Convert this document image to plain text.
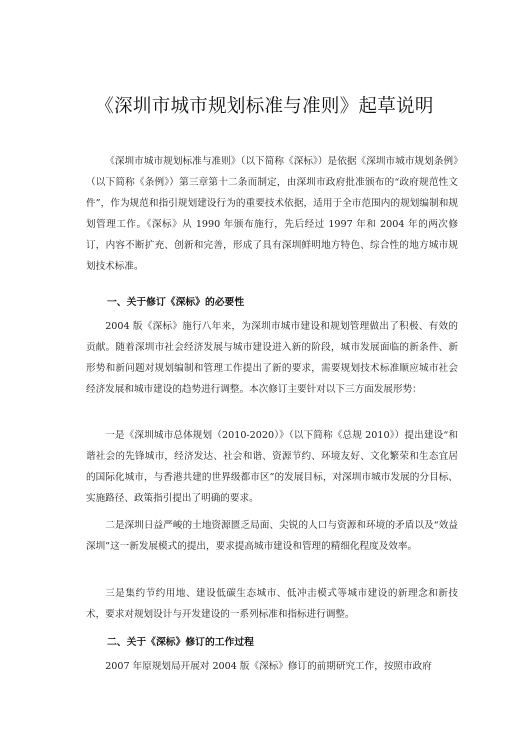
《深圳市城市规划标准与准则》起草说明

《深圳市城市规划标准与准则》（以下简称《深标》）是依据《深圳市城市规划条例》（以下简称《条例》）第三章第十二条而制定，由深圳市政府批准颁布的“政府规范性文件”，作为规范和指引规划建设行为的重要技术依据，适用于全市范围内的规划编制和规划管理工作。《深标》从 1990 年颁布施行，先后经过 1997 年和 2004 年的两次修订，内容不断扩充、创新和完善，形成了具有深圳鲜明地方特色、综合性的地方城市规划技术标准。

一、关于修订《深标》的必要性

2004 版《深标》施行八年来，为深圳市城市建设和规划管理做出了积极、有效的贡献。随着深圳市社会经济发展与城市建设进入新的阶段，城市发展面临的新条件、新形势和新问题对规划编制和管理工作提出了新的要求，需要规划技术标准顺应城市社会经济发展和城市建设的趋势进行调整。本次修订主要针对以下三方面发展形势：

一是《深圳城市总体规划（2010-2020）》（以下简称《总规 2010》）提出建设“和谐社会的先锋城市，经济发达、社会和谐、资源节约、环境友好、文化繁荣和生态宜居的国际化城市，与香港共建的世界级都市区”的发展目标，对深圳市城市发展的分目标、实施路径、政策指引提出了明确的要求。

二是深圳日益严峻的土地资源匮乏局面、尖锐的人口与资源和环境的矛盾以及“效益深圳”这一新发展模式的提出，要求提高城市建设和管理的精细化程度及效率。

三是集约节约用地、建设低碳生态城市、低冲击模式等城市建设的新理念和新技术，要求对规划设计与开发建设的一系列标准和指标进行调整。

二、关于《深标》修订的工作过程

2007 年原规划局开展对 2004 版《深标》修订的前期研究工作，按照市政府
